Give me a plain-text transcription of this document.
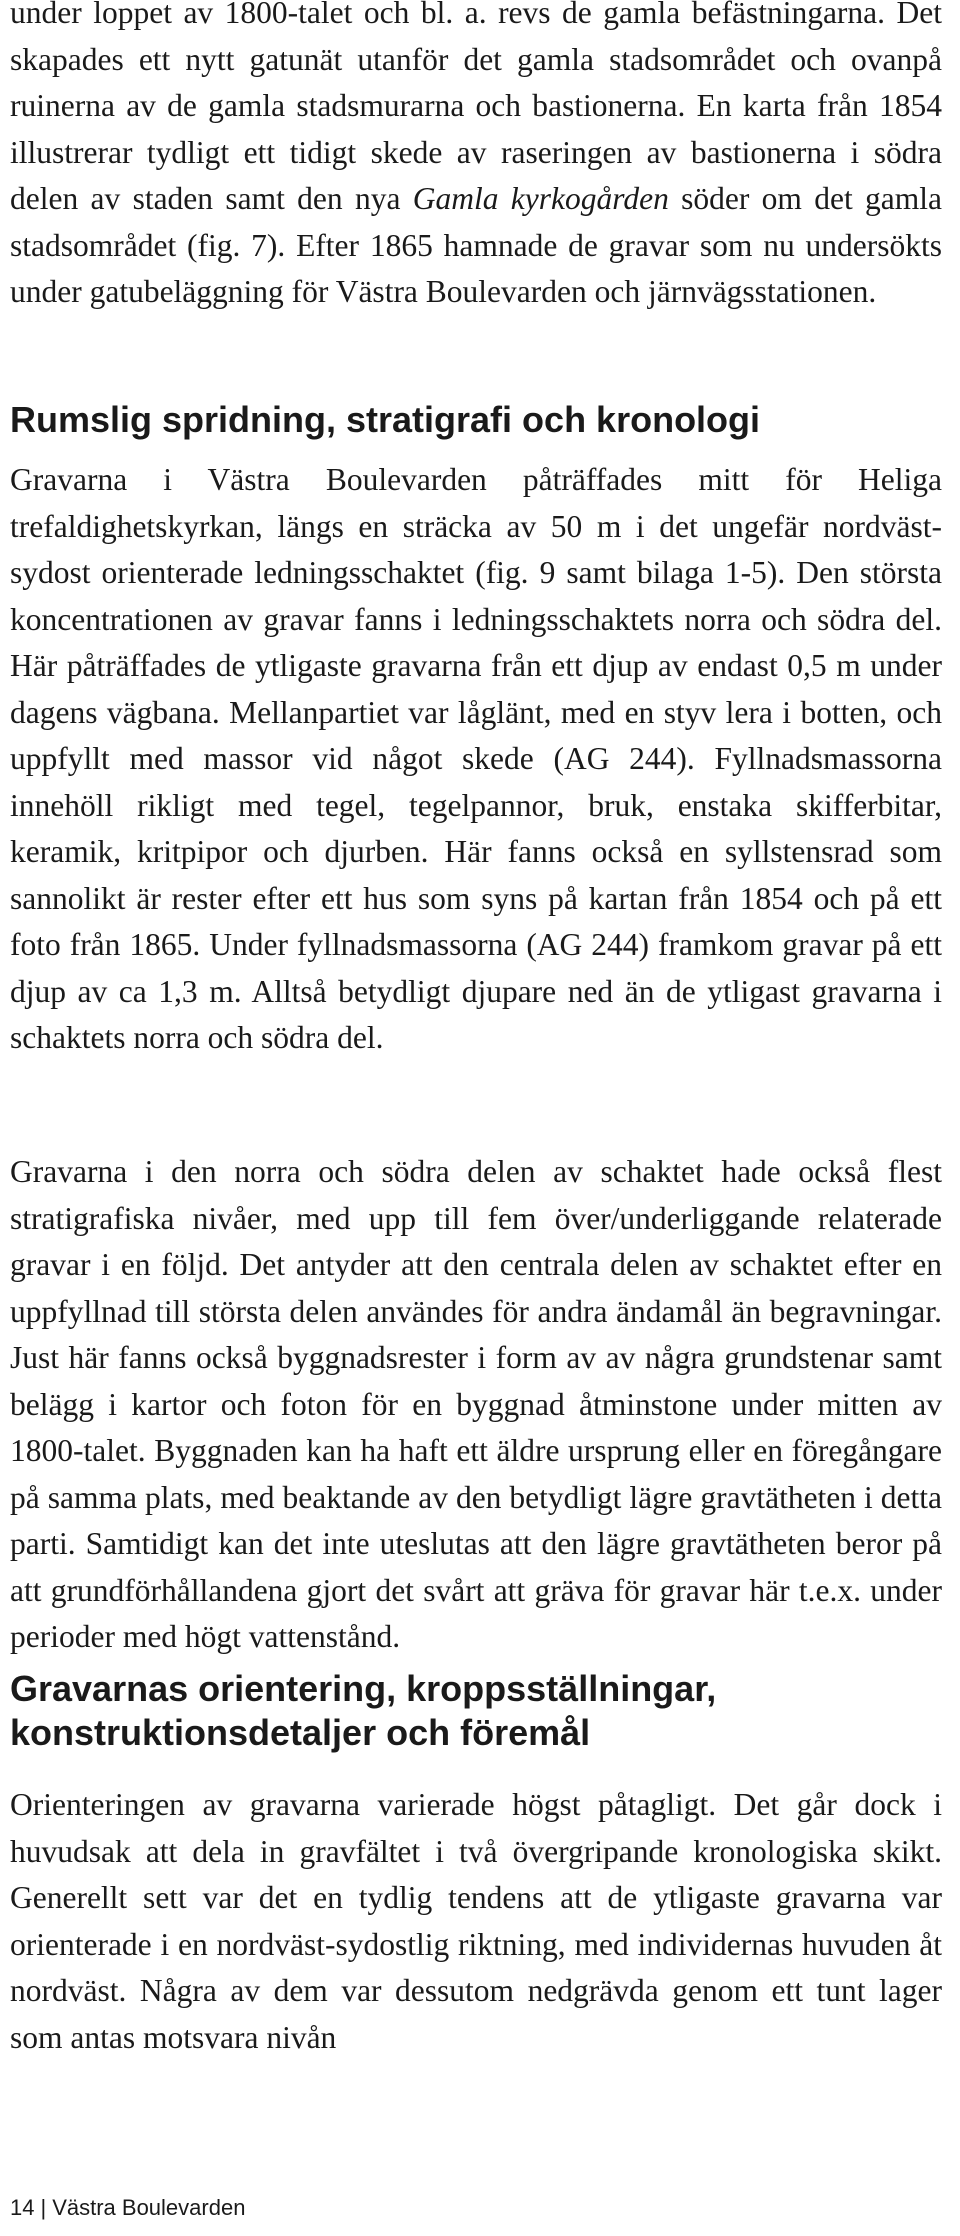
under loppet av 1800-talet och bl. a. revs de gamla befästningarna. Det skapades ett nytt gatunät utanför det gamla stadsområdet och ovanpå ruinerna av de gamla stadsmurarna och bastionerna. En karta från 1854 illustrerar tydligt ett tidigt skede av raseringen av bastionerna i södra delen av staden samt den nya Gamla kyrkogården söder om det gamla stadsområdet (fig. 7). Efter 1865 hamnade de gravar som nu undersökts under gatubeläggning för Västra Boulevarden och järnvägsstationen.

Rumslig spridning, stratigrafi och kronologi

Gravarna i Västra Boulevarden påträffades mitt för Heliga trefaldighetskyrkan, längs en sträcka av 50 m i det ungefär nordväst-sydost orienterade ledningsschaktet (fig. 9 samt bilaga 1-5). Den största koncentrationen av gravar fanns i ledningsschaktets norra och södra del. Här påträffades de ytligaste gravarna från ett djup av endast 0,5 m under dagens vägbana. Mellanpartiet var låglänt, med en styv lera i botten, och uppfyllt med massor vid något skede (AG 244). Fyllnadsmassorna innehöll rikligt med tegel, tegelpannor, bruk, enstaka skifferbitar, keramik, kritpipor och djurben. Här fanns också en syllstensrad som sannolikt är rester efter ett hus som syns på kartan från 1854 och på ett foto från 1865. Under fyllnadsmassorna (AG 244) framkom gravar på ett djup av ca 1,3 m. Alltså betydligt djupare ned än de ytligast gravarna i schaktets norra och södra del.

Gravarna i den norra och södra delen av schaktet hade också flest stratigrafiska nivåer, med upp till fem över/underliggande relaterade gravar i en följd. Det antyder att den centrala delen av schaktet efter en uppfyllnad till största delen användes för andra ändamål än begravningar. Just här fanns också byggnadsrester i form av av några grundstenar samt belägg i kartor och foton för en byggnad åtminstone under mitten av 1800-talet. Byggnaden kan ha haft ett äldre ursprung eller en föregångare på samma plats, med beaktande av den betydligt lägre gravtätheten i detta parti. Samtidigt kan det inte uteslutas att den lägre gravtätheten beror på att grundförhållandena gjort det svårt att gräva för gravar här t.e.x. under perioder med högt vattenstånd.

Gravarnas orientering, kroppsställningar, konstruktionsdetaljer och föremål

Orienteringen av gravarna varierade högst påtagligt. Det går dock i huvudsak att dela in gravfältet i två övergripande kronologiska skikt. Generellt sett var det en tydlig tendens att de ytligaste gravarna var orienterade i en nordväst-sydostlig riktning, med individernas huvuden åt nordväst. Några av dem var dessutom nedgrävda genom ett tunt lager som antas motsvara nivån

14 | Västra Boulevarden
